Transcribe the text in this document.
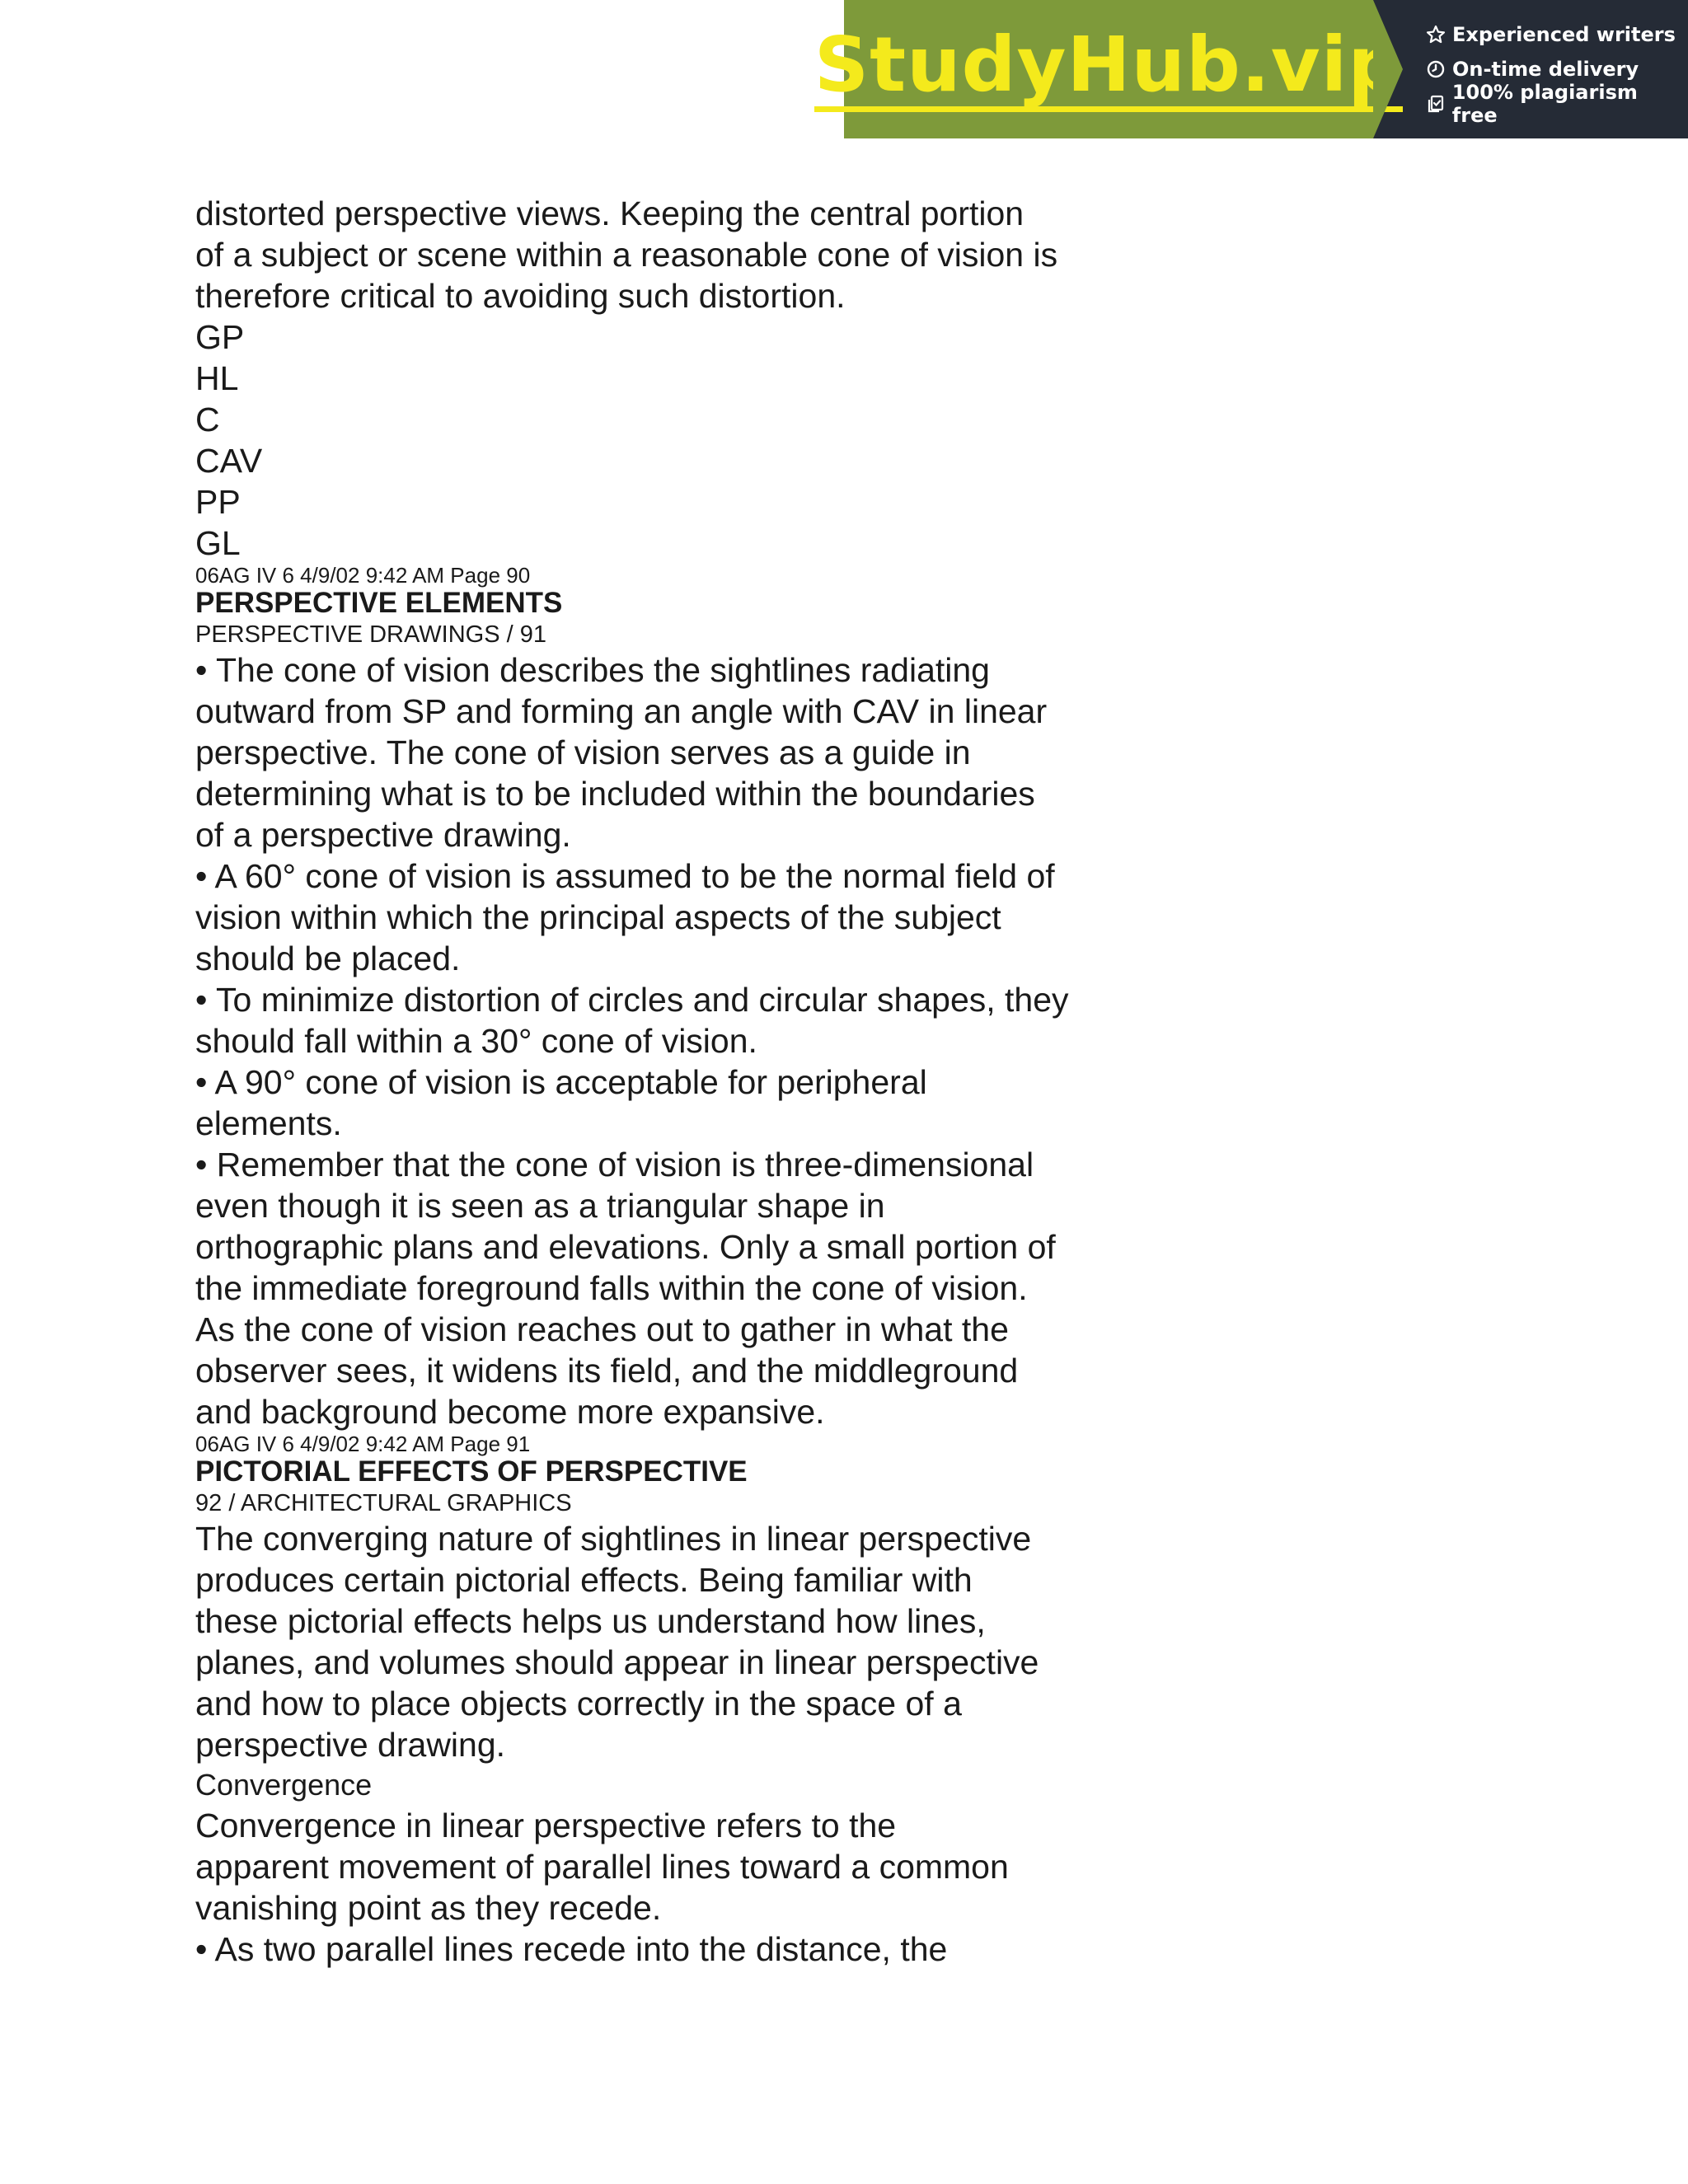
StudyHub.vip Experienced writers
On-time delivery
100% plagiarism free

distorted perspective views. Keeping the central portion

of a subject or scene within a reasonable cone of vision is

therefore critical to avoiding such distortion.

GP

HL

C

CAV

PP

GL

06AG IV 6 4/9/02 9:42 AM Page 90

PERSPECTIVE ELEMENTS

PERSPECTIVE DRAWINGS / 91

• The cone of vision describes the sightlines radiating

outward from SP and forming an angle with CAV in linear

perspective. The cone of vision serves as a guide in

determining what is to be included within the boundaries

of a perspective drawing.

• A 60° cone of vision is assumed to be the normal field of

vision within which the principal aspects of the subject

should be placed.

• To minimize distortion of circles and circular shapes, they

should fall within a 30° cone of vision.

• A 90° cone of vision is acceptable for peripheral

elements.

• Remember that the cone of vision is three-dimensional

even though it is seen as a triangular shape in

orthographic plans and elevations. Only a small portion of

the immediate foreground falls within the cone of vision.

As the cone of vision reaches out to gather in what the

observer sees, it widens its field, and the middleground

and background become more expansive.

06AG IV 6 4/9/02 9:42 AM Page 91

PICTORIAL EFFECTS OF PERSPECTIVE

92 / ARCHITECTURAL GRAPHICS

The converging nature of sightlines in linear perspective

produces certain pictorial effects. Being familiar with

these pictorial effects helps us understand how lines,

planes, and volumes should appear in linear perspective

and how to place objects correctly in the space of a

perspective drawing.

Convergence

Convergence in linear perspective refers to the

apparent movement of parallel lines toward a common

vanishing point as they recede.

• As two parallel lines recede into the distance, the
